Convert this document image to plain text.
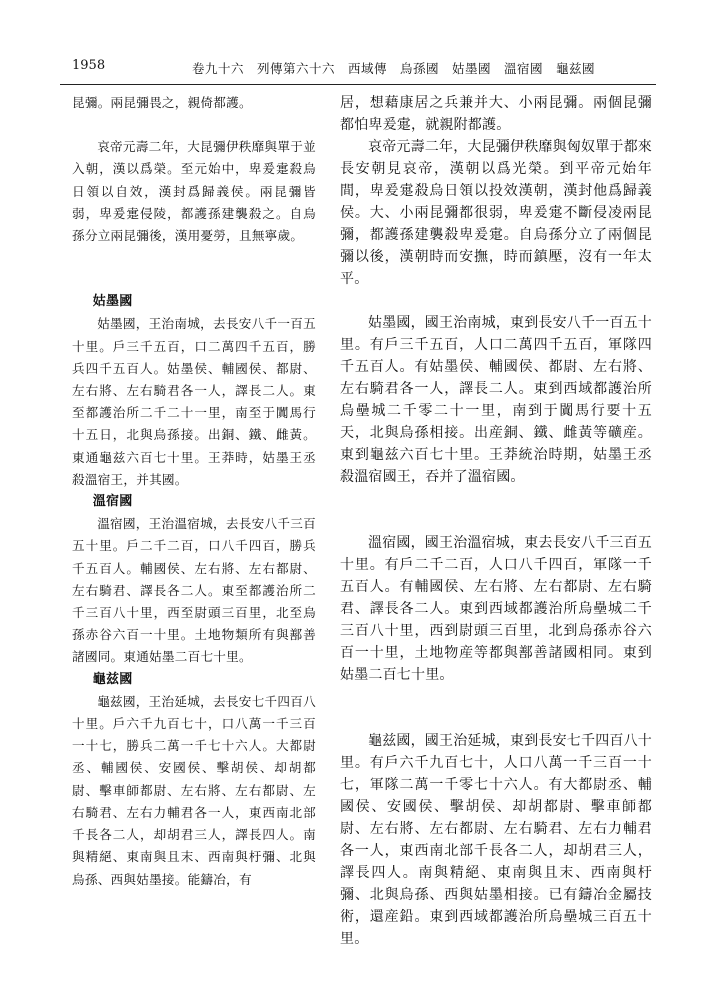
1958	卷九十六　列傳第六十六　西域傳　烏孫國　姑墨國　溫宿國　龜兹國

昆彌。兩昆彌畏之，親倚都護。

哀帝元壽二年，大昆彌伊秩靡與單于並入朝，漢以爲榮。至元始中，卑爰疐殺烏日領以自效，漢封爲歸義侯。兩昆彌皆弱，卑爰疐侵陵，都護孫建襲殺之。自烏孫分立兩昆彌後，漢用憂勞，且無寧歲。

姑墨國

姑墨國，王治南城，去長安八千一百五十里。戶三千五百，口二萬四千五百，勝兵四千五百人。姑墨侯、輔國侯、都尉、左右將、左右騎君各一人，譯長二人。東至都護治所二千二十一里，南至于闐馬行十五日，北與烏孫接。出銅、鐵、雌黃。東通龜兹六百七十里。王莽時，姑墨王丞殺溫宿王，并其國。

溫宿國

溫宿國，王治溫宿城，去長安八千三百五十里。戶二千二百，口八千四百，勝兵千五百人。輔國侯、左右將、左右都尉、左右騎君、譯長各二人。東至都護治所二千三百八十里，西至尉頭三百里，北至烏孫赤谷六百一十里。土地物類所有與鄯善諸國同。東通姑墨二百七十里。

龜兹國

龜兹國，王治延城，去長安七千四百八十里。戶六千九百七十，口八萬一千三百一十七，勝兵二萬一千七十六人。大都尉丞、輔國侯、安國侯、擊胡侯、却胡都尉、擊車師都尉、左右將、左右都尉、左右騎君、左右力輔君各一人，東西南北部千長各二人，却胡君三人，譯長四人。南與精絕、東南與且末、西南與杅彌、北與烏孫、西與姑墨接。能鑄冶，有

居，想藉康居之兵兼并大、小兩昆彌。兩個昆彌都怕卑爰疐，就親附都護。

哀帝元壽二年，大昆彌伊秩靡與匈奴單于都來長安朝見哀帝，漢朝以爲光榮。到平帝元始年間，卑爰疐殺烏日領以投效漢朝，漢封他爲歸義侯。大、小兩昆彌都很弱，卑爰疐不斷侵凌兩昆彌，都護孫建襲殺卑爰疐。自烏孫分立了兩個昆彌以後，漢朝時而安撫，時而鎮壓，沒有一年太平。

姑墨國，國王治南城，東到長安八千一百五十里。有戶三千五百，人口二萬四千五百，軍隊四千五百人。有姑墨侯、輔國侯、都尉、左右將、左右騎君各一人，譯長二人。東到西域都護治所烏壘城二千零二十一里，南到于闐馬行要十五天，北與烏孫相接。出産銅、鐵、雌黃等礦産。東到龜兹六百七十里。王莽統治時期，姑墨王丞殺溫宿國王，吞并了溫宿國。

溫宿國，國王治溫宿城，東去長安八千三百五十里。有戶二千二百，人口八千四百，軍隊一千五百人。有輔國侯、左右將、左右都尉、左右騎君、譯長各二人。東到西域都護治所烏壘城二千三百八十里，西到尉頭三百里，北到烏孫赤谷六百一十里，土地物産等都與鄯善諸國相同。東到姑墨二百七十里。

龜兹國，國王治延城，東到長安七千四百八十里。有戶六千九百七十，人口八萬一千三百一十七，軍隊二萬一千零七十六人。有大都尉丞、輔國侯、安國侯、擊胡侯、却胡都尉、擊車師都尉、左右將、左右都尉、左右騎君、左右力輔君各一人，東西南北部千長各二人，却胡君三人，譯長四人。南與精絕、東南與且末、西南與杅彌、北與烏孫、西與姑墨相接。已有鑄冶金屬技術，還産鉛。東到西域都護治所烏壘城三百五十里。
